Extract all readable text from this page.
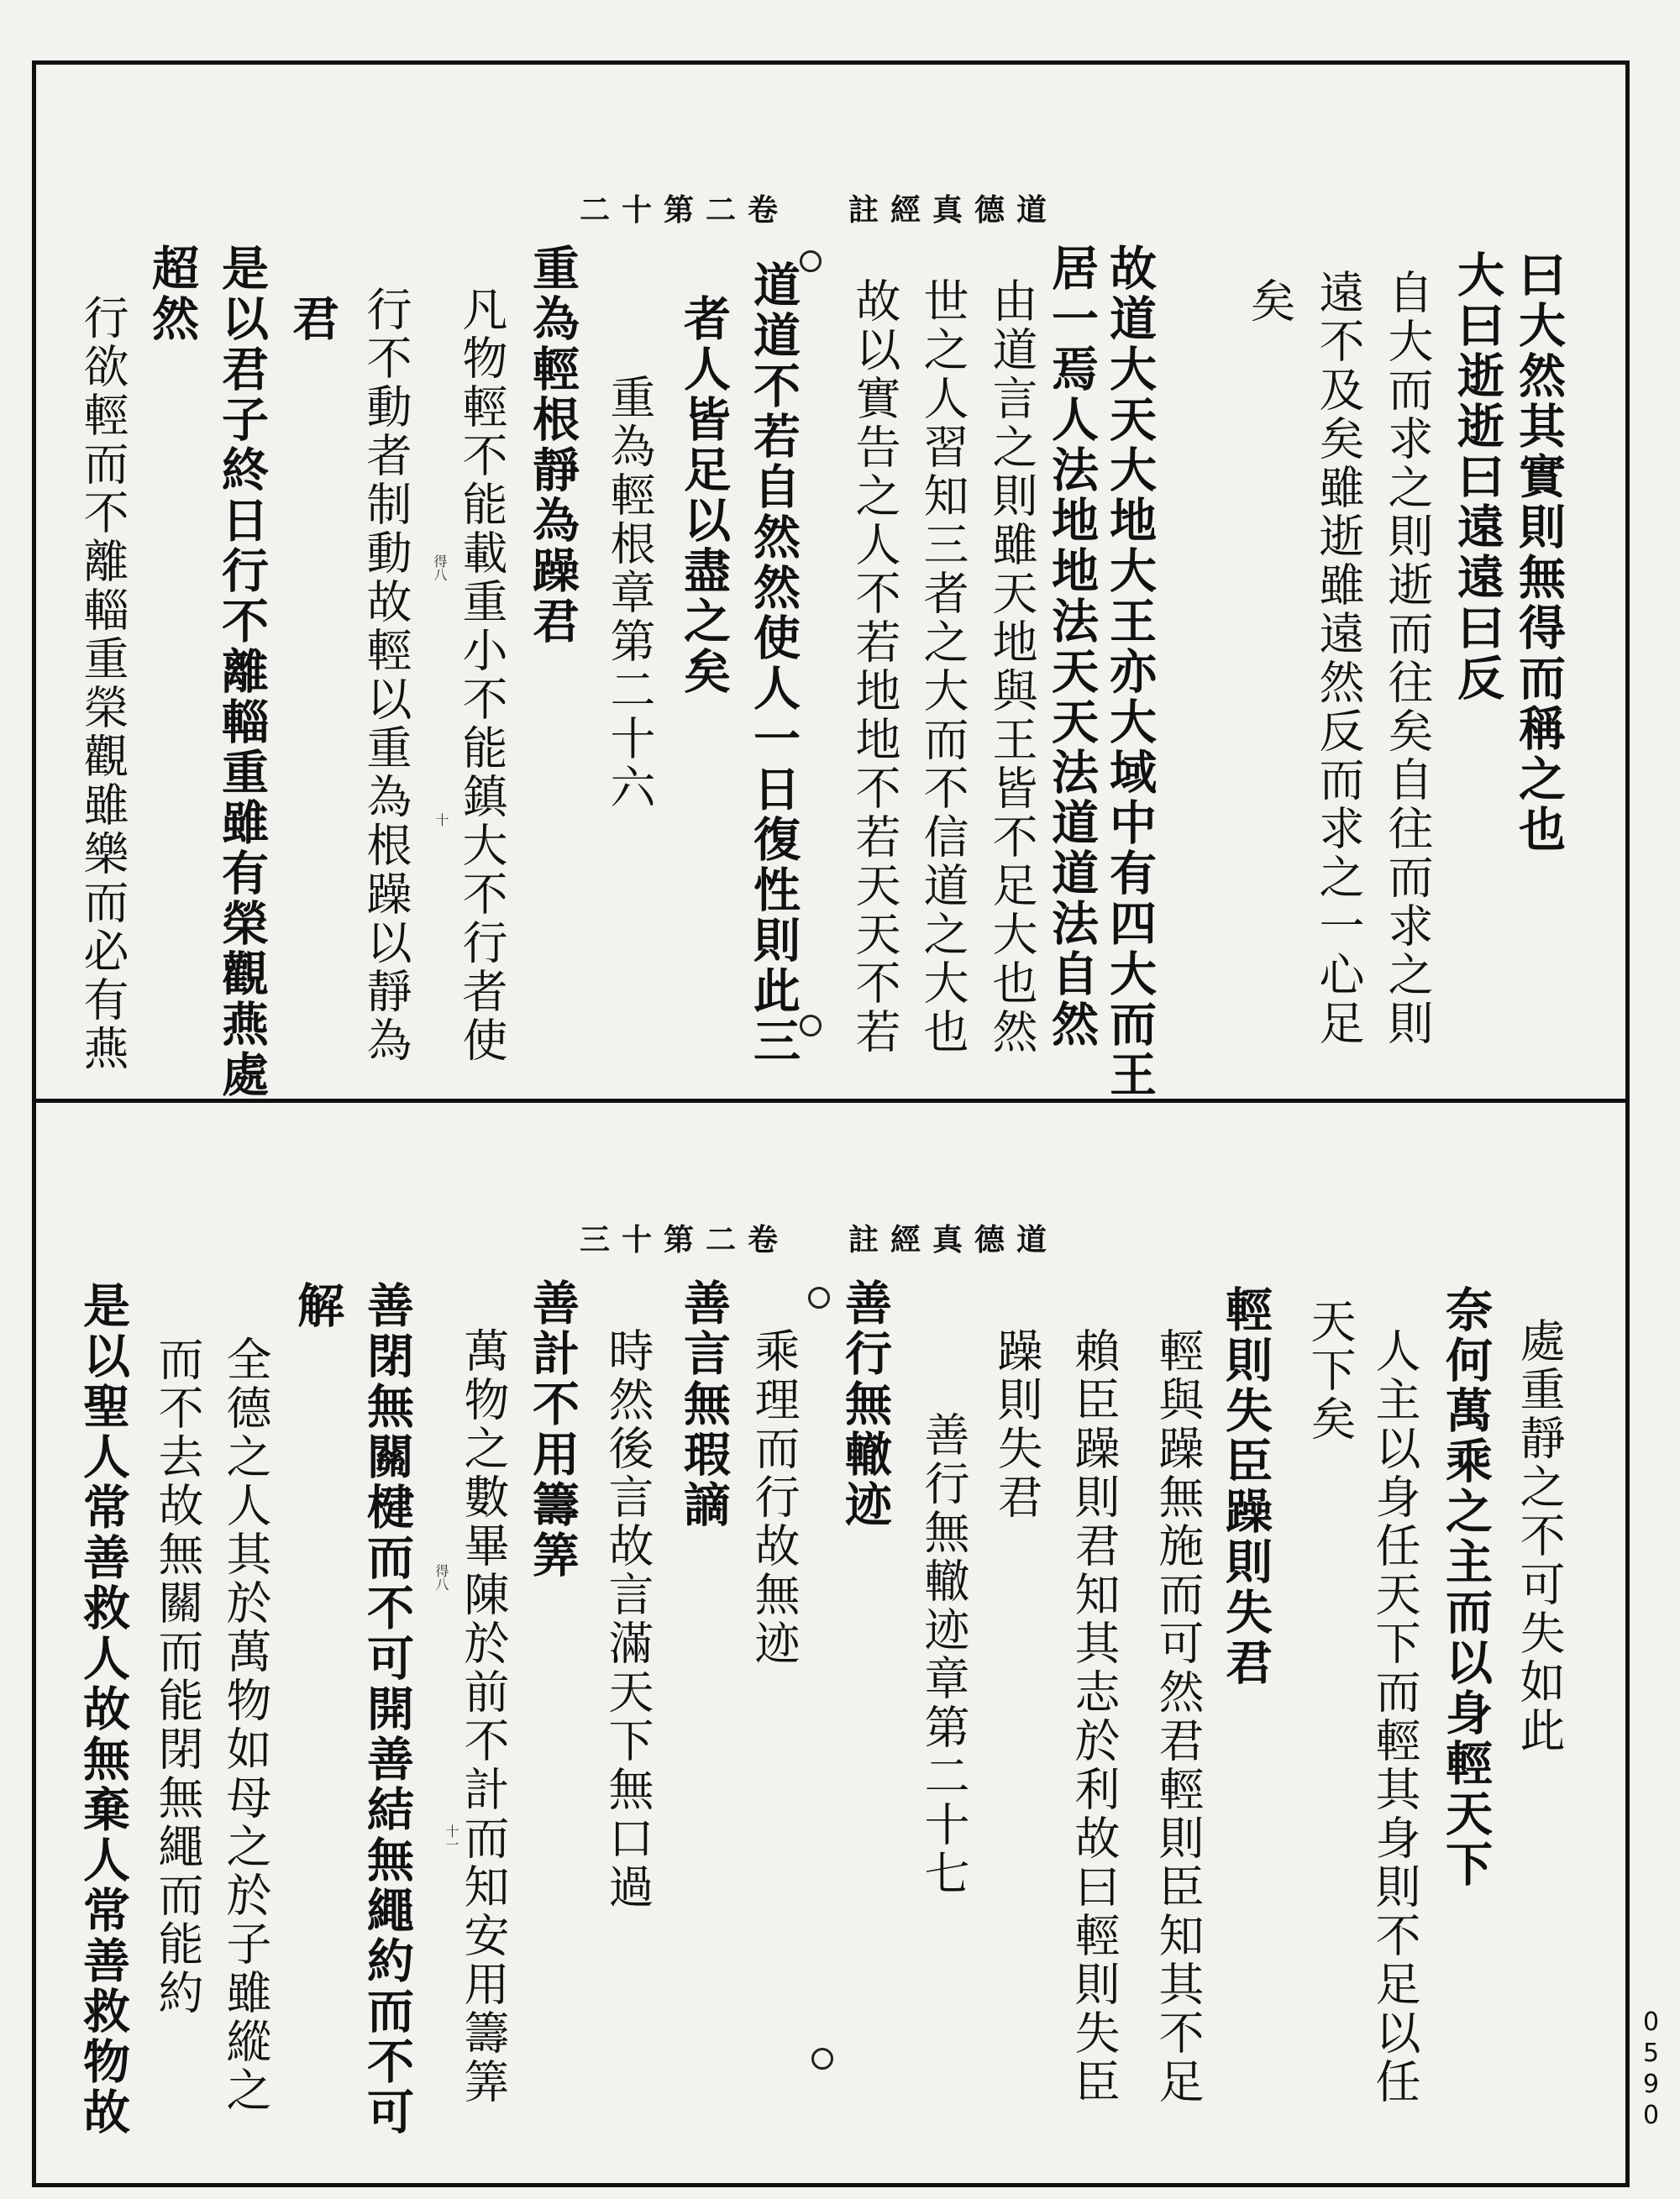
卷二第十二 道德真經註
曰大然其實則無得而稱之也
大曰逝逝曰遠遠曰反
自大而求之則逝而往矣自往而求之則
遠不及矣雖逝雖遠然反而求之一心足
矣
故道大天大地大王亦大域中有四大而王
居一焉人法地地法天天法道道法自然
由道言之則雖天地與王皆不足大也然
世之人習知三者之大而不信道之大也
故以實告之人不若地地不若天天不若
道道不若自然然使人一日復性則此三
者人皆足以盡之矣
重為輕根章第二十六
重為輕根靜為躁君
凡物輕不能載重小不能鎮大不行者使
行不動者制動故輕以重為根躁以靜為
君
是以君子終日行不離輜重雖有榮觀燕處
超然
行欲輕而不離輜重榮觀雖樂而必有燕	得八
十
卷二第十三 道德真經註
處重靜之不可失如此
奈何萬乘之主而以身輕天下
人主以身任天下而輕其身則不足以任
天下矣
輕則失臣躁則失君
輕與躁無施而可然君輕則臣知其不足
賴臣躁則君知其志於利故曰輕則失臣
躁則失君
善行無轍迹章第二十七
善行無轍迹
乘理而行故無迹
善言無瑕謫
時然後言故言滿天下無口過
善計不用籌筭
萬物之數畢陳於前不計而知安用籌筭
善閉無關楗而不可開善結無繩約而不可
解
全德之人其於萬物如母之於子雖縱之
而不去故無關而能閉無繩而能約
是以聖人常善救人故無棄人常善救物故	得八
十一
0590
